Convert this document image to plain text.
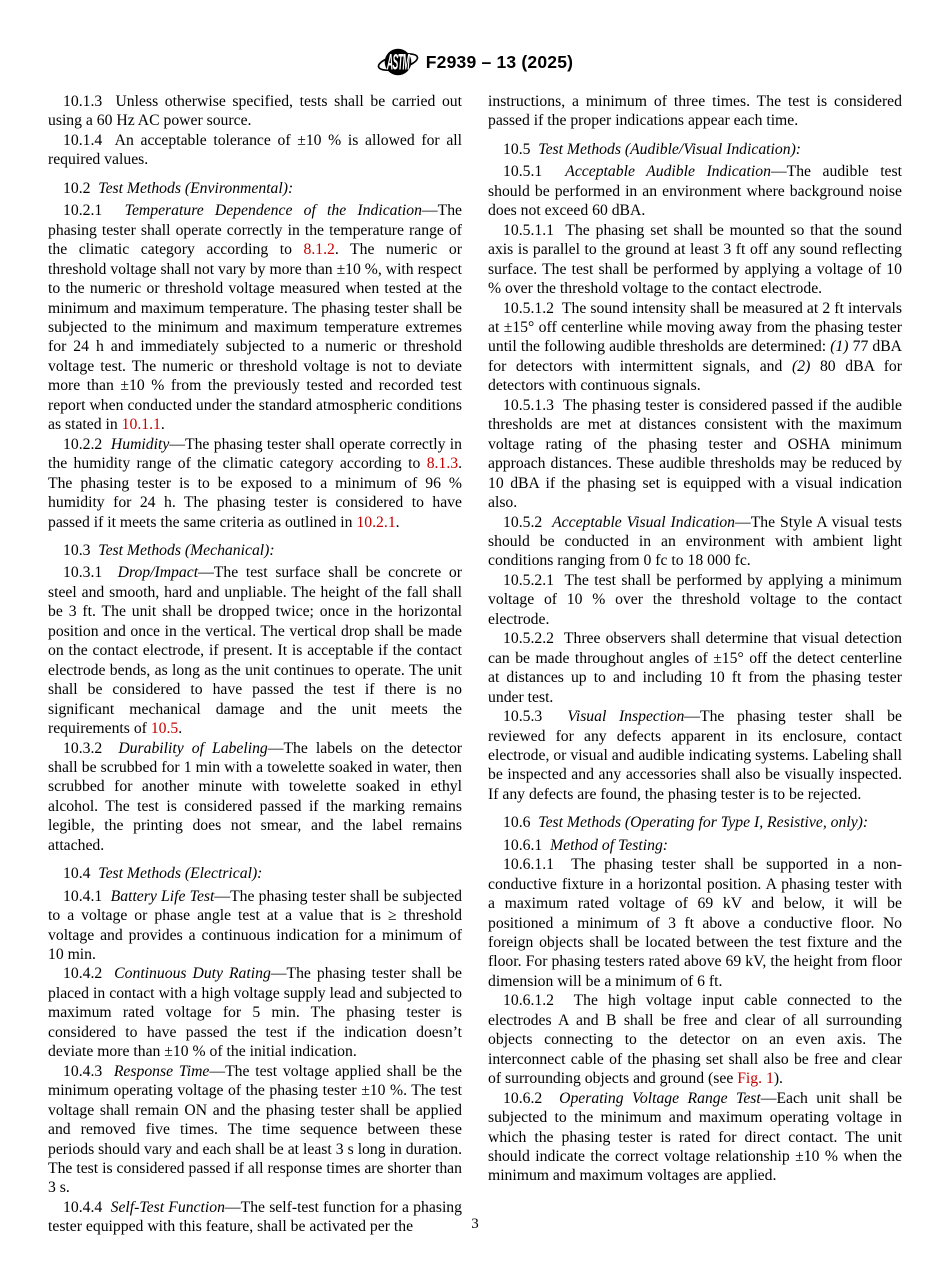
ASTM F2939 – 13 (2025)

10.1.3  Unless otherwise specified, tests shall be carried out using a 60 Hz AC power source.

10.1.4  An acceptable tolerance of ±10 % is allowed for all required values.

10.2  Test Methods (Environmental):

10.2.1  Temperature Dependence of the Indication—The phasing tester shall operate correctly in the temperature range of the climatic category according to 8.1.2. The numeric or threshold voltage shall not vary by more than ±10 %, with respect to the numeric or threshold voltage measured when tested at the minimum and maximum temperature. The phasing tester shall be subjected to the minimum and maximum temperature extremes for 24 h and immediately subjected to a numeric or threshold voltage test. The numeric or threshold voltage is not to deviate more than ±10 % from the previously tested and recorded test report when conducted under the standard atmospheric conditions as stated in 10.1.1.

10.2.2  Humidity—The phasing tester shall operate correctly in the humidity range of the climatic category according to 8.1.3. The phasing tester is to be exposed to a minimum of 96 % humidity for 24 h. The phasing tester is considered to have passed if it meets the same criteria as outlined in 10.2.1.

10.3  Test Methods (Mechanical):

10.3.1  Drop/Impact—The test surface shall be concrete or steel and smooth, hard and unpliable. The height of the fall shall be 3 ft. The unit shall be dropped twice; once in the horizontal position and once in the vertical. The vertical drop shall be made on the contact electrode, if present. It is acceptable if the contact electrode bends, as long as the unit continues to operate. The unit shall be considered to have passed the test if there is no significant mechanical damage and the unit meets the requirements of 10.5.

10.3.2  Durability of Labeling—The labels on the detector shall be scrubbed for 1 min with a towelette soaked in water, then scrubbed for another minute with towelette soaked in ethyl alcohol. The test is considered passed if the marking remains legible, the printing does not smear, and the label remains attached.

10.4  Test Methods (Electrical):

10.4.1  Battery Life Test—The phasing tester shall be subjected to a voltage or phase angle test at a value that is ≥ threshold voltage and provides a continuous indication for a minimum of 10 min.

10.4.2  Continuous Duty Rating—The phasing tester shall be placed in contact with a high voltage supply lead and subjected to maximum rated voltage for 5 min. The phasing tester is considered to have passed the test if the indication doesn’t deviate more than ±10 % of the initial indication.

10.4.3  Response Time—The test voltage applied shall be the minimum operating voltage of the phasing tester ±10 %. The test voltage shall remain ON and the phasing tester shall be applied and removed five times. The time sequence between these periods should vary and each shall be at least 3 s long in duration. The test is considered passed if all response times are shorter than 3 s.

10.4.4  Self-Test Function—The self-test function for a phasing tester equipped with this feature, shall be activated per the

instructions, a minimum of three times. The test is considered passed if the proper indications appear each time.

10.5  Test Methods (Audible/Visual Indication):

10.5.1  Acceptable Audible Indication—The audible test should be performed in an environment where background noise does not exceed 60 dBA.

10.5.1.1  The phasing set shall be mounted so that the sound axis is parallel to the ground at least 3 ft off any sound reflecting surface. The test shall be performed by applying a voltage of 10 % over the threshold voltage to the contact electrode.

10.5.1.2  The sound intensity shall be measured at 2 ft intervals at ±15° off centerline while moving away from the phasing tester until the following audible thresholds are determined: (1) 77 dBA for detectors with intermittent signals, and (2) 80 dBA for detectors with continuous signals.

10.5.1.3  The phasing tester is considered passed if the audible thresholds are met at distances consistent with the maximum voltage rating of the phasing tester and OSHA minimum approach distances. These audible thresholds may be reduced by 10 dBA if the phasing set is equipped with a visual indication also.

10.5.2  Acceptable Visual Indication—The Style A visual tests should be conducted in an environment with ambient light conditions ranging from 0 fc to 18 000 fc.

10.5.2.1  The test shall be performed by applying a minimum voltage of 10 % over the threshold voltage to the contact electrode.

10.5.2.2  Three observers shall determine that visual detection can be made throughout angles of ±15° off the detect centerline at distances up to and including 10 ft from the phasing tester under test.

10.5.3  Visual Inspection—The phasing tester shall be reviewed for any defects apparent in its enclosure, contact electrode, or visual and audible indicating systems. Labeling shall be inspected and any accessories shall also be visually inspected. If any defects are found, the phasing tester is to be rejected.

10.6  Test Methods (Operating for Type I, Resistive, only):

10.6.1  Method of Testing:

10.6.1.1  The phasing tester shall be supported in a non-conductive fixture in a horizontal position. A phasing tester with a maximum rated voltage of 69 kV and below, it will be positioned a minimum of 3 ft above a conductive floor. No foreign objects shall be located between the test fixture and the floor. For phasing testers rated above 69 kV, the height from floor dimension will be a minimum of 6 ft.

10.6.1.2  The high voltage input cable connected to the electrodes A and B shall be free and clear of all surrounding objects connecting to the detector on an even axis. The interconnect cable of the phasing set shall also be free and clear of surrounding objects and ground (see Fig. 1).

10.6.2  Operating Voltage Range Test—Each unit shall be subjected to the minimum and maximum operating voltage in which the phasing tester is rated for direct contact. The unit should indicate the correct voltage relationship ±10 % when the minimum and maximum voltages are applied.

3
